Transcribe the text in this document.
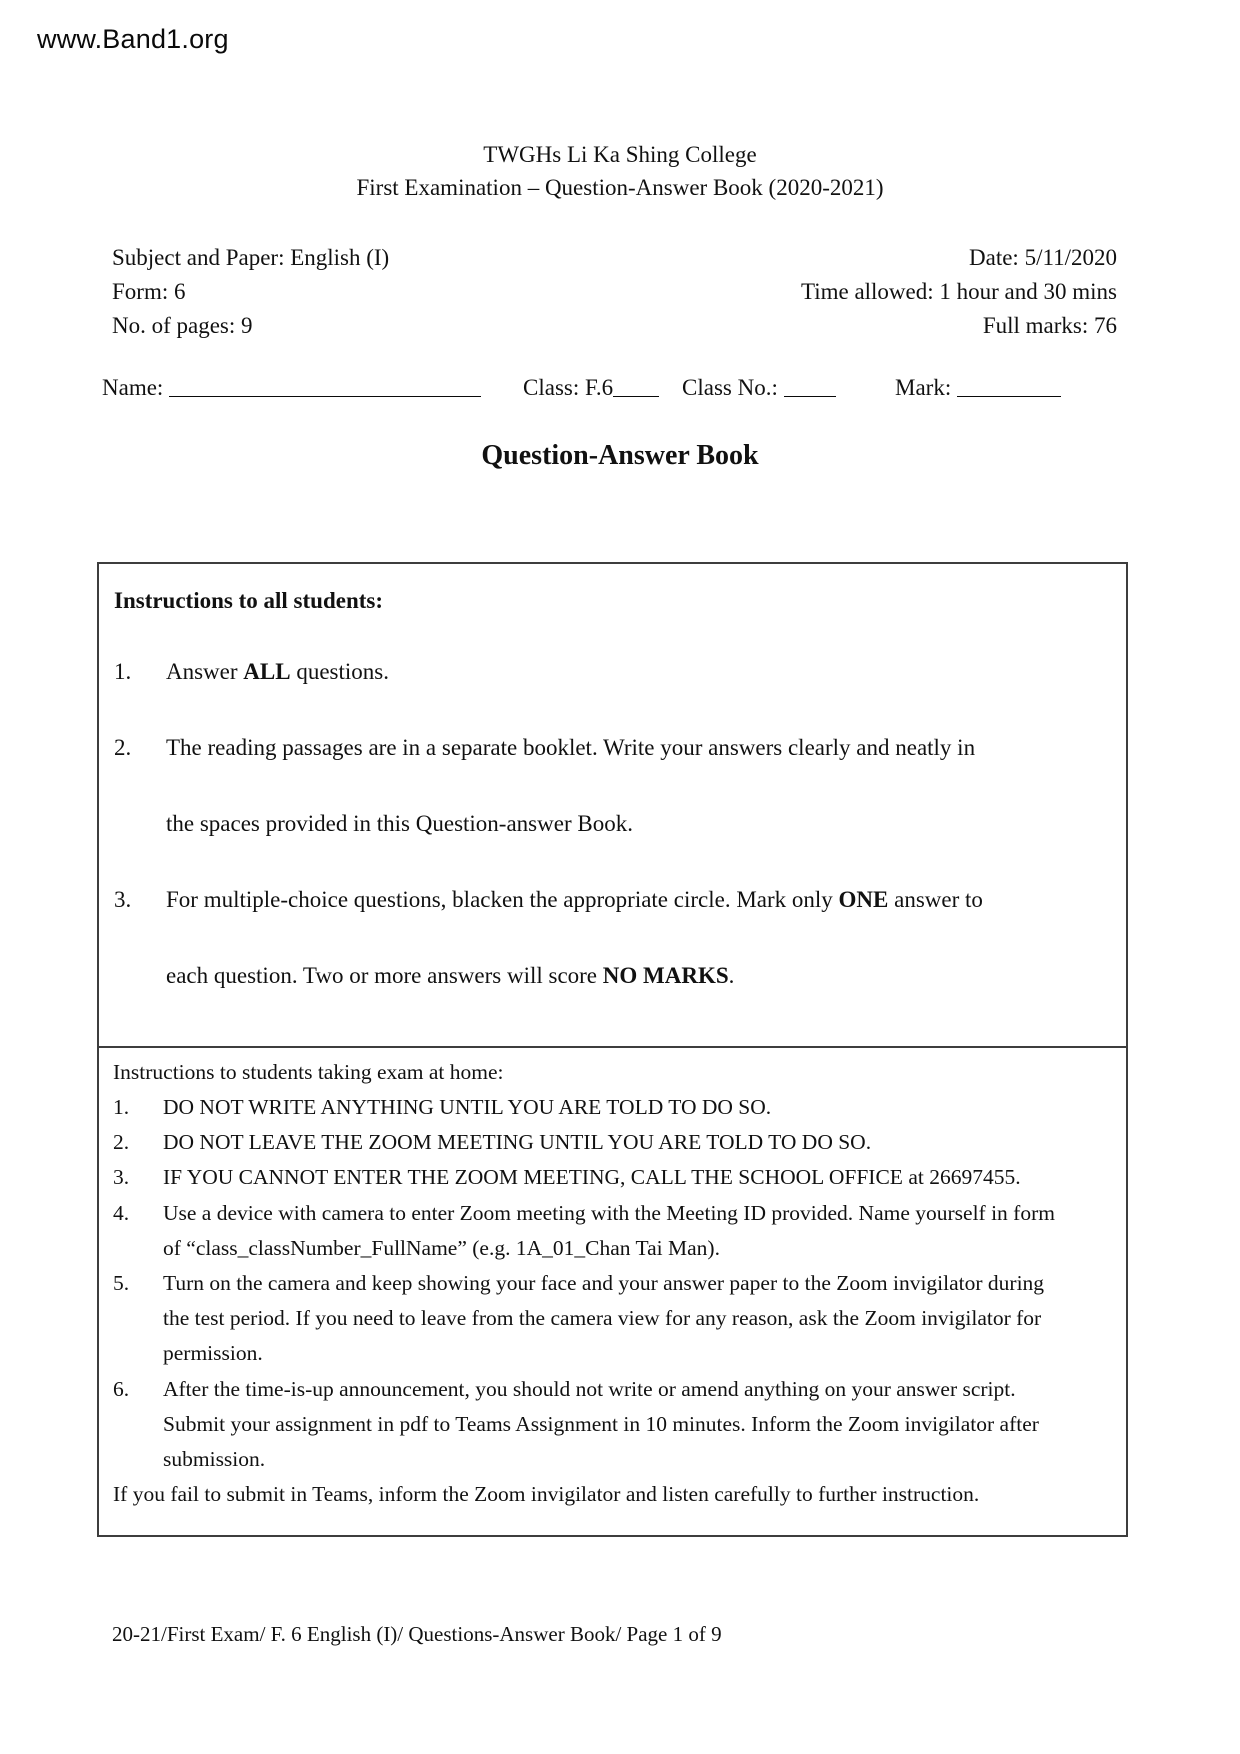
www.Band1.org
TWGHs Li Ka Shing College
First Examination – Question-Answer Book (2020-2021)
Subject and Paper: English (I)
Form: 6
No. of pages: 9
Date: 5/11/2020
Time allowed: 1 hour and 30 mins
Full marks: 76
Name:	Class: F.6	Class No.:	Mark:
Question-Answer Book
Instructions to all students:
1. Answer ALL questions.
2. The reading passages are in a separate booklet. Write your answers clearly and neatly in
the spaces provided in this Question-answer Book.
3. For multiple-choice questions, blacken the appropriate circle. Mark only ONE answer to
each question. Two or more answers will score NO MARKS.
Instructions to students taking exam at home:
1. DO NOT WRITE ANYTHING UNTIL YOU ARE TOLD TO DO SO.
2. DO NOT LEAVE THE ZOOM MEETING UNTIL YOU ARE TOLD TO DO SO.
3. IF YOU CANNOT ENTER THE ZOOM MEETING, CALL THE SCHOOL OFFICE at 26697455.
4. Use a device with camera to enter Zoom meeting with the Meeting ID provided. Name yourself in form
of “class_classNumber_FullName” (e.g. 1A_01_Chan Tai Man).
5. Turn on the camera and keep showing your face and your answer paper to the Zoom invigilator during
the test period. If you need to leave from the camera view for any reason, ask the Zoom invigilator for
permission.
6. After the time-is-up announcement, you should not write or amend anything on your answer script.
Submit your assignment in pdf to Teams Assignment in 10 minutes. Inform the Zoom invigilator after
submission.
If you fail to submit in Teams, inform the Zoom invigilator and listen carefully to further instruction.
20-21/First Exam/ F. 6 English (I)/ Questions-Answer Book/ Page 1 of 9
